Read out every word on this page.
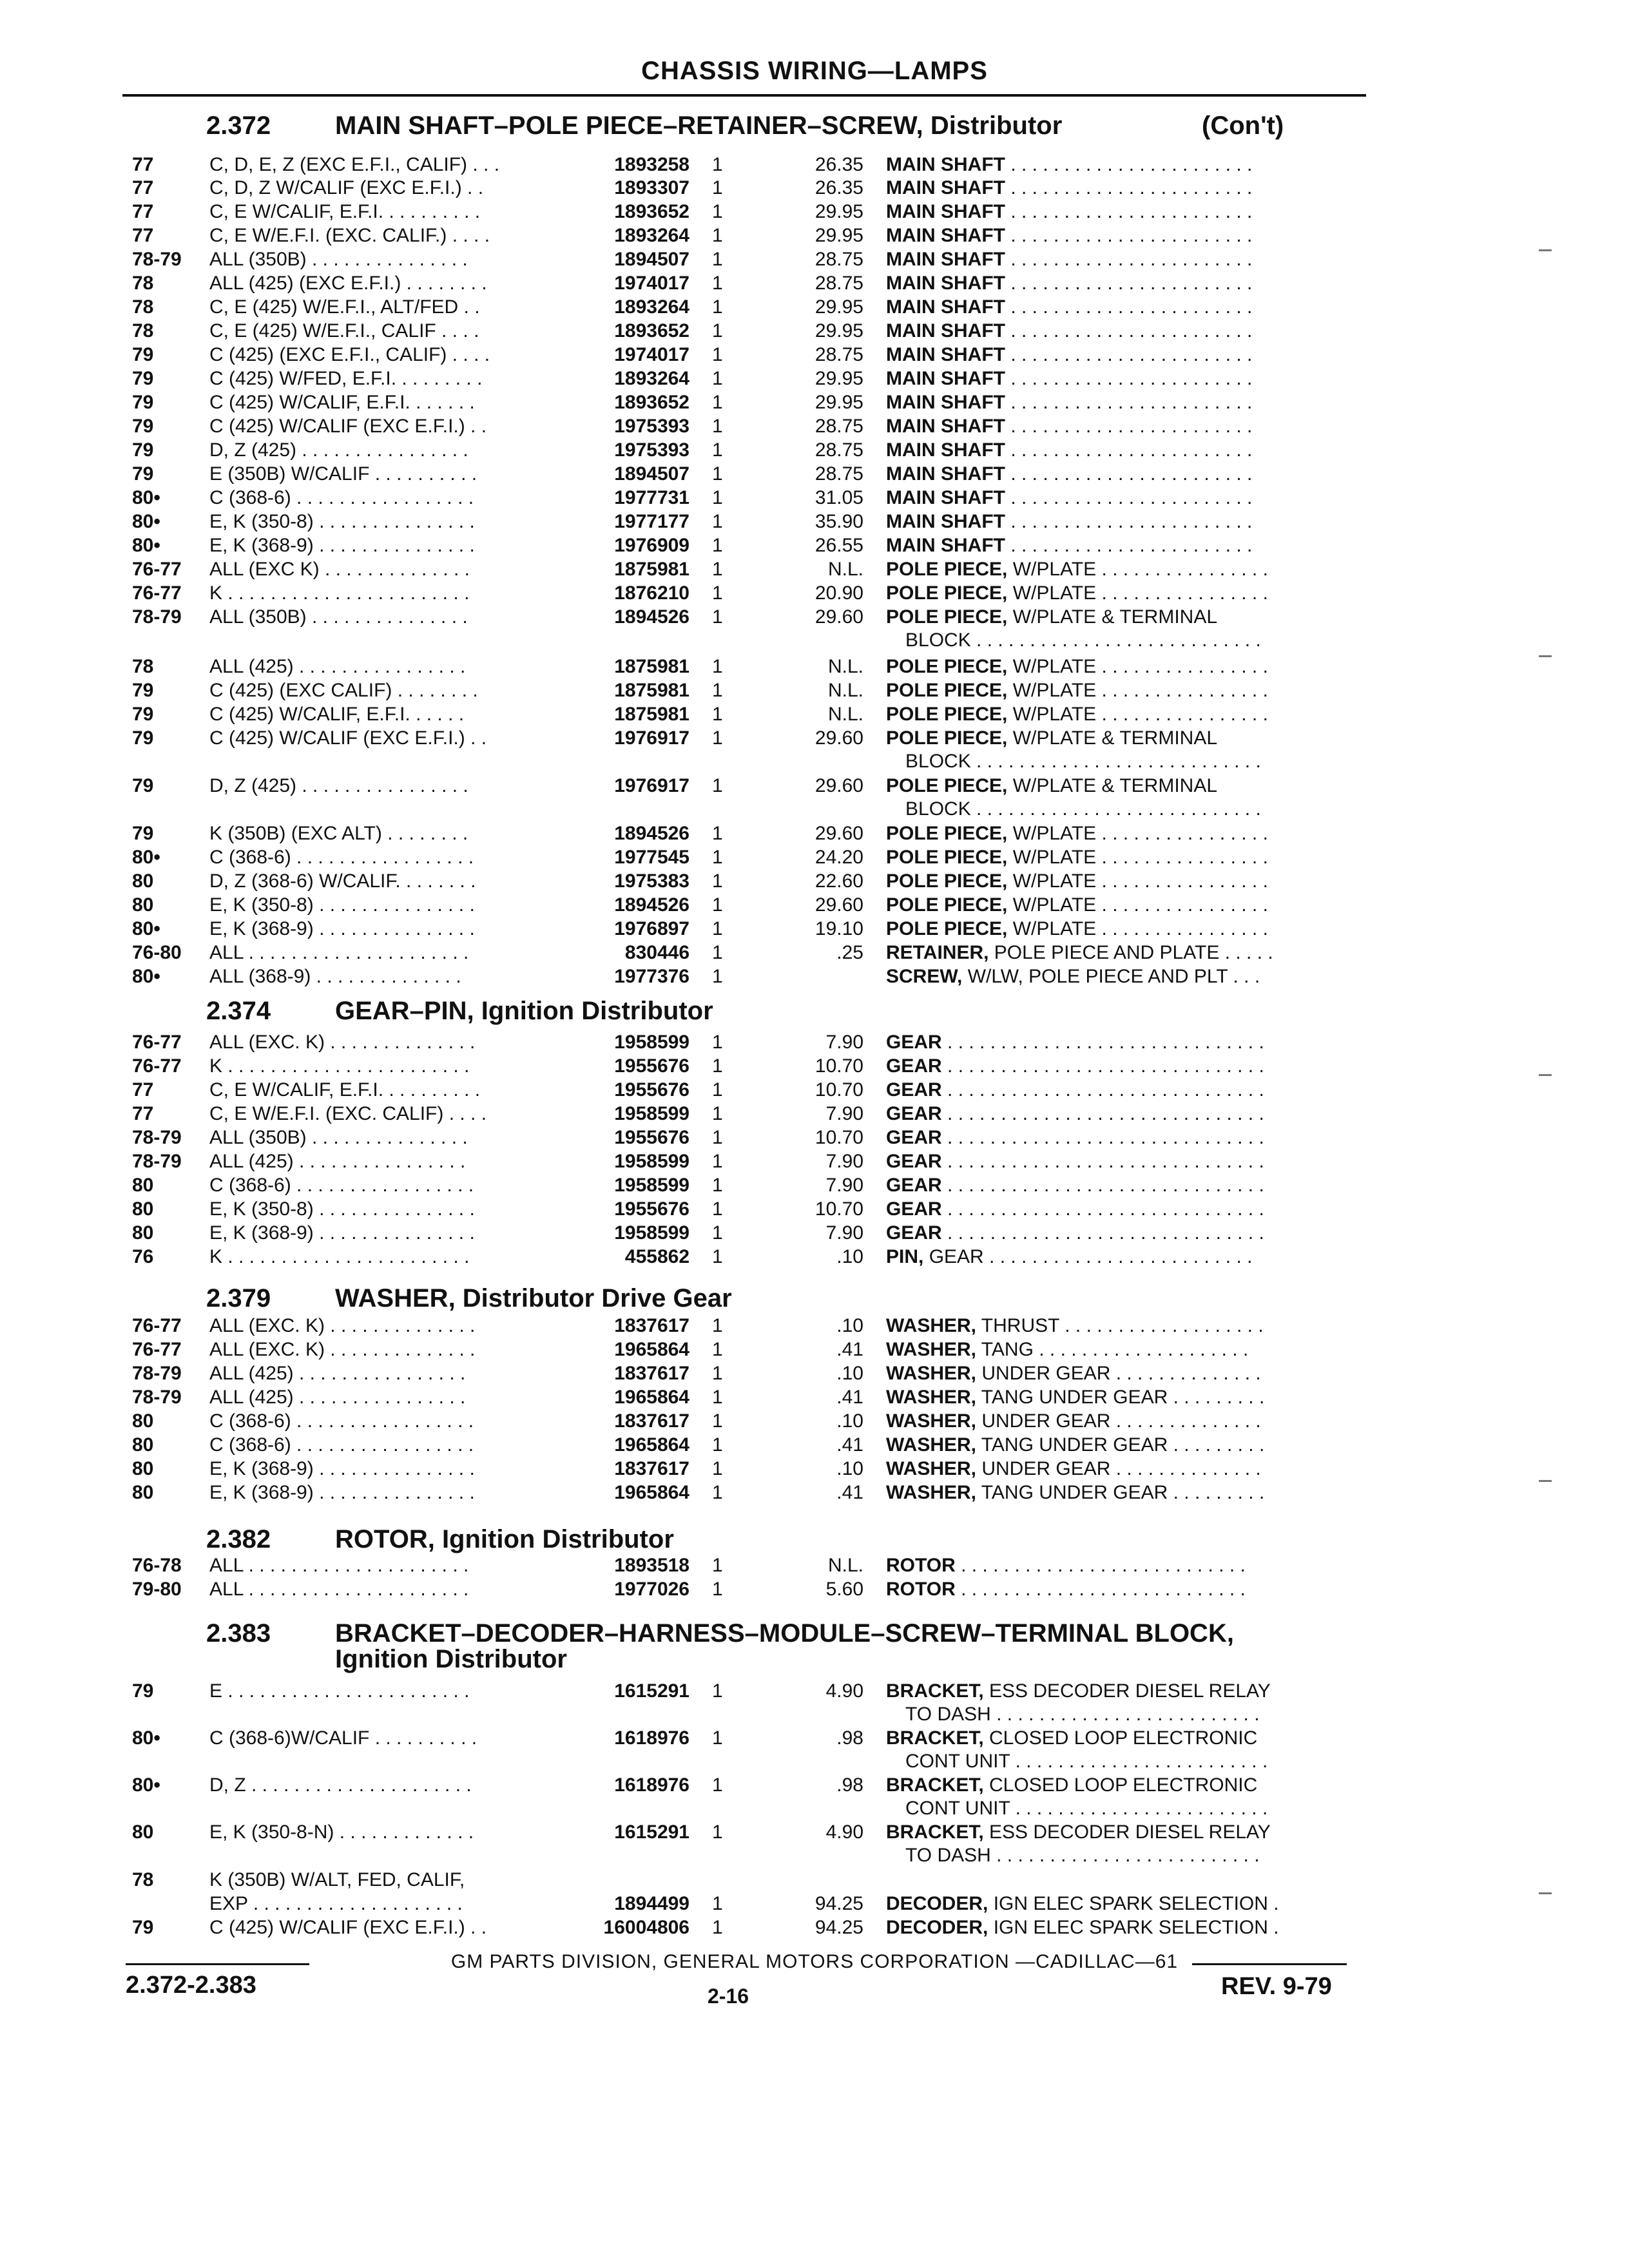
CHASSIS WIRING—LAMPS
2.372 MAIN SHAFT–POLE PIECE–RETAINER–SCREW, Distributor	(Con't)
2.374 GEAR–PIN, Ignition Distributor
2.379 WASHER, Distributor Drive Gear
2.382 ROTOR, Ignition Distributor
2.383 BRACKET–DECODER–HARNESS–MODULE–SCREW–TERMINAL BLOCK,
Ignition Distributor
77	C, D, E, Z (EXC E.F.I., CALIF) . . .	1893258 1	26.35 MAIN SHAFT . . . . . . . . . . . . . . . . . . . . . . .
77	C, D, Z W/CALIF (EXC E.F.I.) . .	1893307 1	26.35 MAIN SHAFT . . . . . . . . . . . . . . . . . . . . . . .
77	C, E W/CALIF, E.F.I. . . . . . . . . .	1893652 1	29.95 MAIN SHAFT . . . . . . . . . . . . . . . . . . . . . . .
77	C, E W/E.F.I. (EXC. CALIF.) . . . .	1893264 1	29.95 MAIN SHAFT . . . . . . . . . . . . . . . . . . . . . . .
78-79 ALL (350B) . . . . . . . . . . . . . . .	1894507 1	28.75 MAIN SHAFT . . . . . . . . . . . . . . . . . . . . . . .
78	ALL (425) (EXC E.F.I.) . . . . . . . .	1974017 1	28.75 MAIN SHAFT . . . . . . . . . . . . . . . . . . . . . . .
78	C, E (425) W/E.F.I., ALT/FED . .	1893264 1	29.95 MAIN SHAFT . . . . . . . . . . . . . . . . . . . . . . .
78	C, E (425) W/E.F.I., CALIF . . . .	1893652 1	29.95 MAIN SHAFT . . . . . . . . . . . . . . . . . . . . . . .
79	C (425) (EXC E.F.I., CALIF) . . . .	1974017 1	28.75 MAIN SHAFT . . . . . . . . . . . . . . . . . . . . . . .
79	C (425) W/FED, E.F.I. . . . . . . . .	1893264 1	29.95 MAIN SHAFT . . . . . . . . . . . . . . . . . . . . . . .
79	C (425) W/CALIF, E.F.I. . . . . . .	1893652 1	29.95 MAIN SHAFT . . . . . . . . . . . . . . . . . . . . . . .
79	C (425) W/CALIF (EXC E.F.I.) . .	1975393 1	28.75 MAIN SHAFT . . . . . . . . . . . . . . . . . . . . . . .
79	D, Z (425) . . . . . . . . . . . . . . . .	1975393 1	28.75 MAIN SHAFT . . . . . . . . . . . . . . . . . . . . . . .
79	E (350B) W/CALIF . . . . . . . . . .	1894507 1	28.75 MAIN SHAFT . . . . . . . . . . . . . . . . . . . . . . .
80•	C (368-6) . . . . . . . . . . . . . . . . .	1977731 1	31.05 MAIN SHAFT . . . . . . . . . . . . . . . . . . . . . . .
80•	E, K (350-8) . . . . . . . . . . . . . . .	1977177 1	35.90 MAIN SHAFT . . . . . . . . . . . . . . . . . . . . . . .
80•	E, K (368-9) . . . . . . . . . . . . . . .	1976909 1	26.55 MAIN SHAFT . . . . . . . . . . . . . . . . . . . . . . .
76-77 ALL (EXC K) . . . . . . . . . . . . . .	1875981 1	N.L. POLE PIECE, W/PLATE . . . . . . . . . . . . . . . .
76-77 K . . . . . . . . . . . . . . . . . . . . . . .	1876210 1	20.90 POLE PIECE, W/PLATE . . . . . . . . . . . . . . . .
78-79 ALL (350B) . . . . . . . . . . . . . . .	1894526 1	29.60 POLE PIECE, W/PLATE & TERMINAL
BLOCK . . . . . . . . . . . . . . . . . . . . . . . . . . .
78	ALL (425) . . . . . . . . . . . . . . . .	1875981 1	N.L. POLE PIECE, W/PLATE . . . . . . . . . . . . . . . .
79	C (425) (EXC CALIF) . . . . . . . .	1875981 1	N.L. POLE PIECE, W/PLATE . . . . . . . . . . . . . . . .
79	C (425) W/CALIF, E.F.I. . . . . .	1875981 1	N.L. POLE PIECE, W/PLATE . . . . . . . . . . . . . . . .
79	C (425) W/CALIF (EXC E.F.I.) . .	1976917 1	29.60 POLE PIECE, W/PLATE & TERMINAL
BLOCK . . . . . . . . . . . . . . . . . . . . . . . . . . .
79	D, Z (425) . . . . . . . . . . . . . . . .	1976917 1	29.60 POLE PIECE, W/PLATE & TERMINAL
BLOCK . . . . . . . . . . . . . . . . . . . . . . . . . . .
79	K (350B) (EXC ALT) . . . . . . . .	1894526 1	29.60 POLE PIECE, W/PLATE . . . . . . . . . . . . . . . .
80•	C (368-6) . . . . . . . . . . . . . . . . .	1977545 1	24.20 POLE PIECE, W/PLATE . . . . . . . . . . . . . . . .
80	D, Z (368-6) W/CALIF. . . . . . . .	1975383 1	22.60 POLE PIECE, W/PLATE . . . . . . . . . . . . . . . .
80	E, K (350-8) . . . . . . . . . . . . . . .	1894526 1	29.60 POLE PIECE, W/PLATE . . . . . . . . . . . . . . . .
80•	E, K (368-9) . . . . . . . . . . . . . . .	1976897 1	19.10 POLE PIECE, W/PLATE . . . . . . . . . . . . . . . .
76-80 ALL . . . . . . . . . . . . . . . . . . . . .	830446 1	.25 RETAINER, POLE PIECE AND PLATE . . . . .
80•	ALL (368-9) . . . . . . . . . . . . . .	1977376 1	SCREW, W/LW, POLE PIECE AND PLT . . .
76-77 ALL (EXC. K) . . . . . . . . . . . . . .	1958599 1	7.90 GEAR . . . . . . . . . . . . . . . . . . . . . . . . . . . . . .
76-77 K . . . . . . . . . . . . . . . . . . . . . . .	1955676 1	10.70 GEAR . . . . . . . . . . . . . . . . . . . . . . . . . . . . . .
77	C, E W/CALIF, E.F.I. . . . . . . . . .	1955676 1	10.70 GEAR . . . . . . . . . . . . . . . . . . . . . . . . . . . . . .
77	C, E W/E.F.I. (EXC. CALIF) . . . .	1958599 1	7.90 GEAR . . . . . . . . . . . . . . . . . . . . . . . . . . . . . .
78-79 ALL (350B) . . . . . . . . . . . . . . .	1955676 1	10.70 GEAR . . . . . . . . . . . . . . . . . . . . . . . . . . . . . .
78-79 ALL (425) . . . . . . . . . . . . . . . .	1958599 1	7.90 GEAR . . . . . . . . . . . . . . . . . . . . . . . . . . . . . .
80	C (368-6) . . . . . . . . . . . . . . . . .	1958599 1	7.90 GEAR . . . . . . . . . . . . . . . . . . . . . . . . . . . . . .
80	E, K (350-8) . . . . . . . . . . . . . . .	1955676 1	10.70 GEAR . . . . . . . . . . . . . . . . . . . . . . . . . . . . . .
80	E, K (368-9) . . . . . . . . . . . . . . .	1958599 1	7.90 GEAR . . . . . . . . . . . . . . . . . . . . . . . . . . . . . .
76	K . . . . . . . . . . . . . . . . . . . . . . .	455862 1	.10 PIN, GEAR . . . . . . . . . . . . . . . . . . . . . . . . .
76-77 ALL (EXC. K) . . . . . . . . . . . . . .	1837617 1	.10 WASHER, THRUST . . . . . . . . . . . . . . . . . . .
76-77 ALL (EXC. K) . . . . . . . . . . . . . .	1965864 1	.41 WASHER, TANG . . . . . . . . . . . . . . . . . . . .
78-79 ALL (425) . . . . . . . . . . . . . . . .	1837617 1	.10 WASHER, UNDER GEAR . . . . . . . . . . . . . .
78-79 ALL (425) . . . . . . . . . . . . . . . .	1965864 1	.41 WASHER, TANG UNDER GEAR . . . . . . . . .
80	C (368-6) . . . . . . . . . . . . . . . . .	1837617 1	.10 WASHER, UNDER GEAR . . . . . . . . . . . . . .
80	C (368-6) . . . . . . . . . . . . . . . . .	1965864 1	.41 WASHER, TANG UNDER GEAR . . . . . . . . .
80	E, K (368-9) . . . . . . . . . . . . . . .	1837617 1	.10 WASHER, UNDER GEAR . . . . . . . . . . . . . .
80	E, K (368-9) . . . . . . . . . . . . . . .	1965864 1	.41 WASHER, TANG UNDER GEAR . . . . . . . . .
76-78 ALL . . . . . . . . . . . . . . . . . . . . .	1893518 1	N.L. ROTOR . . . . . . . . . . . . . . . . . . . . . . . . . . .
79-80 ALL . . . . . . . . . . . . . . . . . . . . .	1977026 1	5.60 ROTOR . . . . . . . . . . . . . . . . . . . . . . . . . . .
79	E . . . . . . . . . . . . . . . . . . . . . . .	1615291 1	4.90 BRACKET, ESS DECODER DIESEL RELAY
TO DASH . . . . . . . . . . . . . . . . . . . . . . . . .
80•	C (368-6)W/CALIF . . . . . . . . . .	1618976 1	.98 BRACKET, CLOSED LOOP ELECTRONIC
CONT UNIT . . . . . . . . . . . . . . . . . . . . . . . .
80•	D, Z . . . . . . . . . . . . . . . . . . . . .	1618976 1	.98 BRACKET, CLOSED LOOP ELECTRONIC
CONT UNIT . . . . . . . . . . . . . . . . . . . . . . . .
80	E, K (350-8-N) . . . . . . . . . . . . .	1615291 1	4.90 BRACKET, ESS DECODER DIESEL RELAY
TO DASH . . . . . . . . . . . . . . . . . . . . . . . . .
78	K (350B) W/ALT, FED, CALIF,
EXP . . . . . . . . . . . . . . . . . . . .	1894499 1	94.25 DECODER, IGN ELEC SPARK SELECTION .
79	C (425) W/CALIF (EXC E.F.I.) . .	16004806 1	94.25 DECODER, IGN ELEC SPARK SELECTION .
GM PARTS DIVISION, GENERAL MOTORS CORPORATION —CADILLAC—61
2.372-2.383	2-16	REV. 9-79
